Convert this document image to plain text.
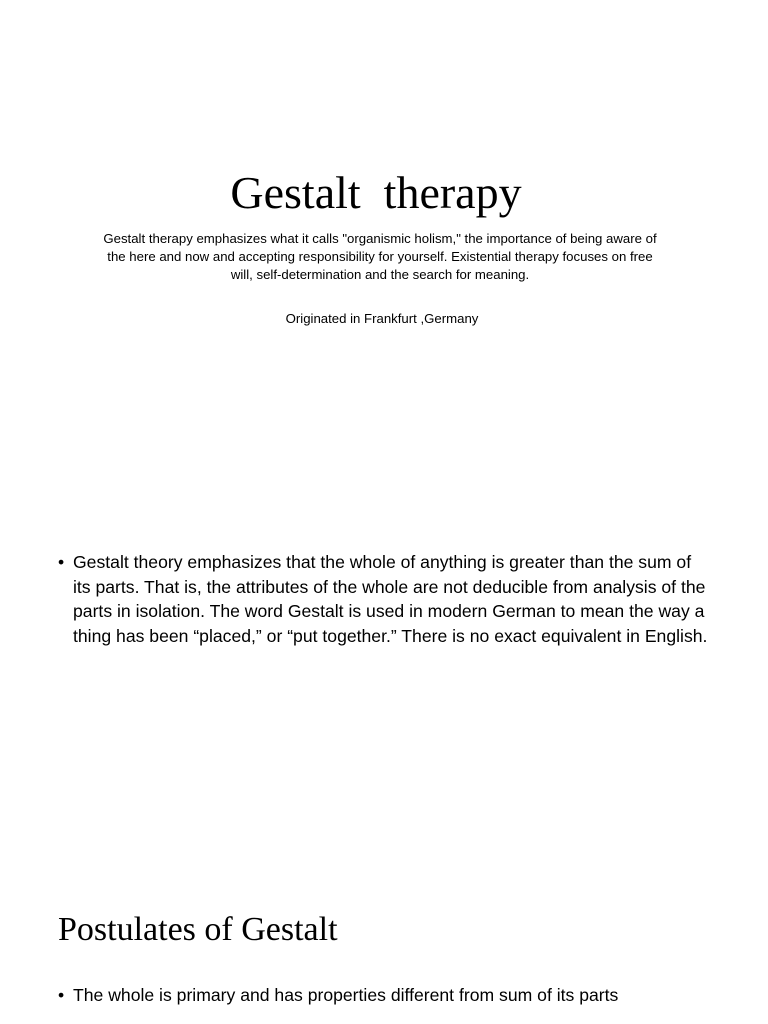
Gestalt  therapy

Gestalt therapy emphasizes what it calls "organismic holism," the importance of being aware of the here and now and accepting responsibility for yourself. Existential therapy focuses on free will, self-determination and the search for meaning.

Originated in Frankfurt ,Germany

• Gestalt theory emphasizes that the whole of anything is greater than the sum of its parts. That is, the attributes of the whole are not deducible from analysis of the parts in isolation. The word Gestalt is used in modern German to mean the way a thing has been “placed,” or “put together.” There is no exact equivalent in English.

Postulates of Gestalt
• The whole is primary and has properties different from sum of its parts
